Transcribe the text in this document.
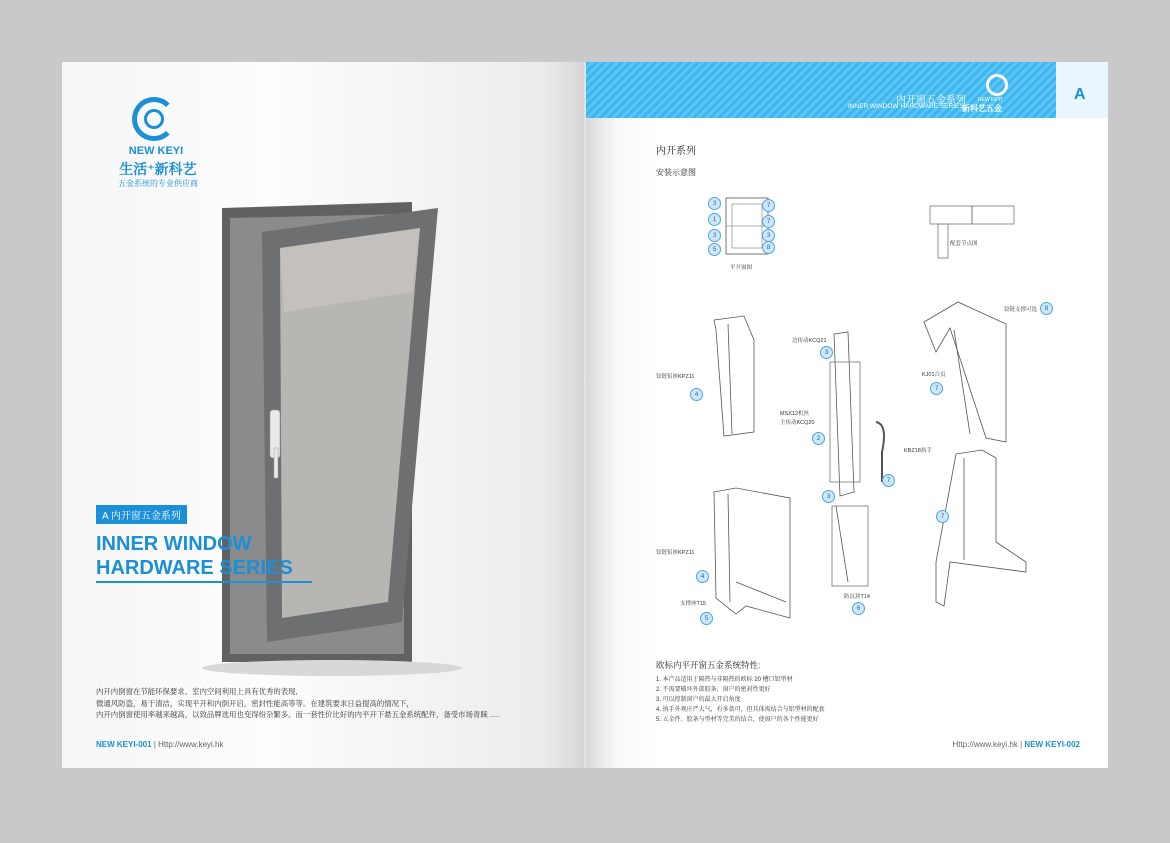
NEW KEYI
生活⁺新科艺
五金系统的专业供应商
A 内开窗五金系列
INNER WINDOW
HARDWARE SERIES
内开内倒窗在节能环保要求、室内空间利用上具有优秀的表现,
微通风防盗，易于清洁，实现平开和内倒开启，密封性能高等等。在建筑要求日益提高的情况下，
内开内倒窗使用率越来越高，以致品牌选用也变得纷杂繁多。而一套性价比好的内平开下悬五金系统配件，备受市场青睐 .....
NEW KEYI-001 | Http://www.keyi.hk
A
内开窗五金系列
INNER WINDOW HARDWARE SERIES
NEW KEYI
新科艺五金
内开系列
安装示意图
平开窗图
配套节点图
铰链铝座KPZ11
边传动KCQ21
MSX12机丝
主传动KCQ20
KBZ18执手
铰链支撑可选
KJ01合页
铰链铝座KPZ11
支撑座T15
防沉块T14
3
1
3
5
7
7
3
8
4
3
2
7
7
3
4
5
6
7
8
欧标内平开窗五金系统特性:
1. 本产品适用于隔热与非隔热的欧标 20 槽口铝型材
2. 不需要破坏外部胶条，窗户的密封性更好
3. 可以控制窗户的最大开启角度
4. 执手外观庄严大气，有多款可，但具体需结合与铝型材的配套
5. 五金件、胶条与型材等完美的结合，使窗户的各个性能更好
Http://www.keyi.hk | NEW KEYI-002
